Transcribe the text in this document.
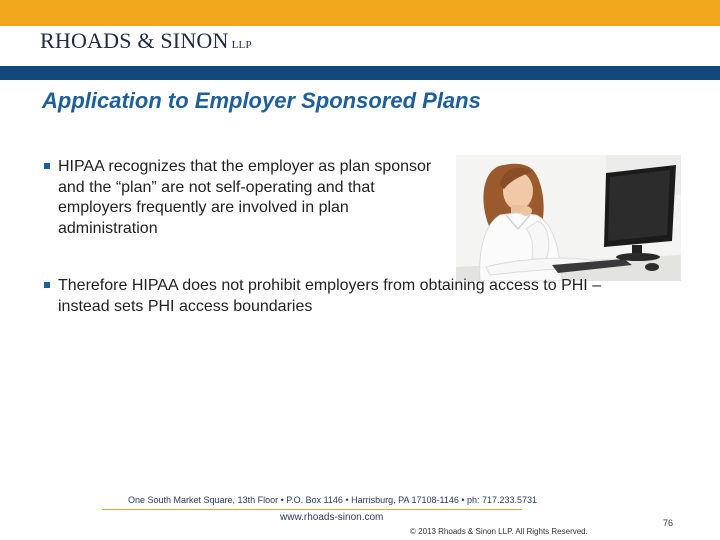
RHOADS & SINON LLP
Application to Employer Sponsored Plans
HIPAA recognizes that the employer as plan sponsor and the “plan” are not self-operating and that employers frequently are involved in plan administration
Therefore HIPAA does not prohibit employers from obtaining access to PHI – instead sets PHI access boundaries
One South Market Square, 13th Floor • P.O. Box 1146 • Harrisburg, PA 17108-1146 • ph: 717.233.5731
www.rhoads-sinon.com
© 2013 Rhoads & Sinon LLP. All Rights Reserved.
76
